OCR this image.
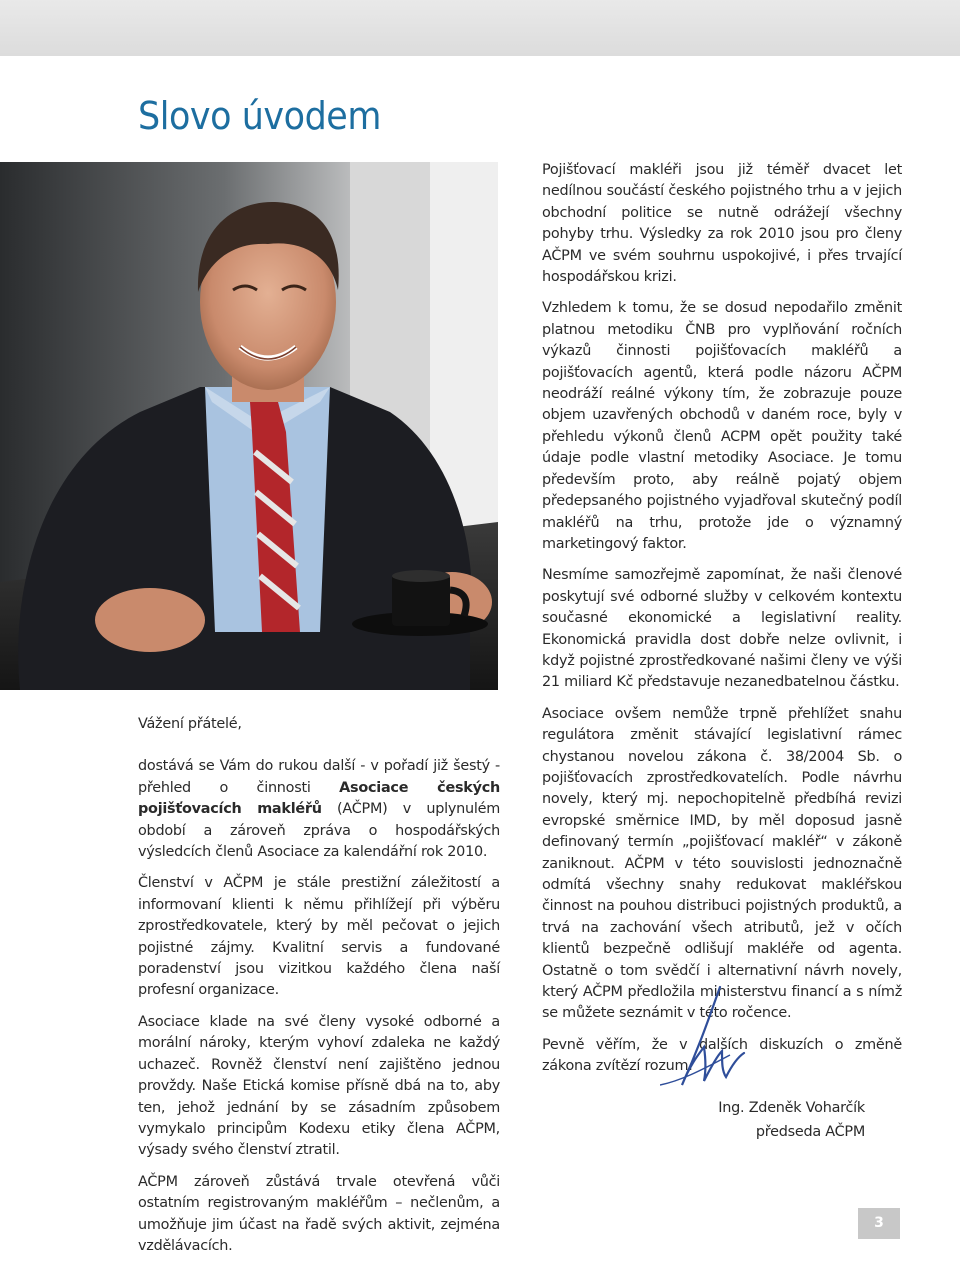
Slovo úvodem

Vážení přátelé,

dostává se Vám do rukou další - v pořadí již šestý - přehled o činnosti Asociace českých pojišťovacích makléřů (AČPM) v uplynulém období a zároveň zpráva o hospodářských výsledcích členů Asociace za kalendářní rok 2010.

Členství v AČPM je stále prestižní záležitostí a informovaní klienti k němu přihlížejí při výběru zprostředkovatele, který by měl pečovat o jejich pojistné zájmy. Kvalitní servis a fundované poradenství jsou vizitkou každého člena naší profesní organizace.

Asociace klade na své členy vysoké odborné a morální nároky, kterým vyhoví zdaleka ne každý uchazeč. Rovněž členství není zajištěno jednou provždy. Naše Etická komise přísně dbá na to, aby ten, jehož jednání by se zásadním způsobem vymykalo principům Kodexu etiky člena AČPM, výsady svého členství ztratil.

AČPM zároveň zůstává trvale otevřená vůči ostatním registrovaným makléřům – nečlenům, a umožňuje jim účast na řadě svých aktivit, zejména vzdělávacích.

Pojišťovací makléři jsou již téměř dvacet let nedílnou součástí českého pojistného trhu a v jejich obchodní politice se nutně odrážejí všechny pohyby trhu. Výsledky za rok 2010 jsou pro členy AČPM ve svém souhrnu uspokojivé, i přes trvající hospodářskou krizi.

Vzhledem k tomu, že se dosud nepodařilo změnit platnou metodiku ČNB pro vyplňování ročních výkazů činnosti pojišťovacích makléřů a pojišťovacích agentů, která podle názoru AČPM neodráží reálné výkony tím, že zobrazuje pouze objem uzavřených obchodů v daném roce, byly v přehledu výkonů členů ACPM opět použity také údaje podle vlastní metodiky Asociace. Je tomu především proto, aby reálně pojatý objem předepsaného pojistného vyjadřoval skutečný podíl makléřů na trhu, protože jde o významný marketingový faktor.

Nesmíme samozřejmě zapomínat, že naši členové poskytují své odborné služby v celkovém kontextu současné ekonomické a legislativní reality. Ekonomická pravidla dost dobře nelze ovlivnit, i když pojistné zprostředkované našimi členy ve výši 21 miliard Kč představuje nezanedbatelnou částku.

Asociace ovšem nemůže trpně přehlížet snahu regulátora změnit stávající legislativní rámec chystanou novelou zákona č. 38/2004 Sb. o pojišťovacích zprostředkovatelích. Podle návrhu novely, který mj. nepochopitelně předbíhá revizi evropské směrnice IMD, by měl doposud jasně definovaný termín „pojišťovací makléř“ v zákoně zaniknout. AČPM v této souvislosti jednoznačně odmítá všechny snahy redukovat makléřskou činnost na pouhou distribuci pojistných produktů, a trvá na zachování všech atributů, jež v očích klientů bezpečně odlišují makléře od agenta. Ostatně o tom svědčí i alternativní návrh novely, který AČPM předložila ministerstvu financí a s nímž se můžete seznámit v této ročence.

Pevně věřím, že v dalších diskuzích o změně zákona zvítězí rozum.

Ing. Zdeněk Voharčík
předseda AČPM
3
